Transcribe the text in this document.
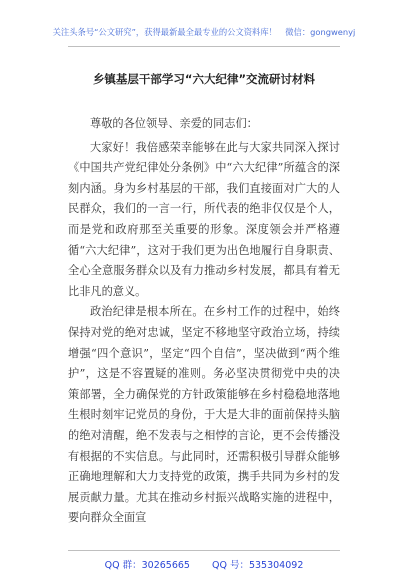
关注头条号“公文研究”，获得最新最全最专业的公文资料库！　微信：gongwenyj
乡镇基层干部学习“六大纪律”交流研讨材料

尊敬的各位领导、亲爱的同志们：

大家好！我倍感荣幸能够在此与大家共同深入探讨《中国共产党纪律处分条例》中“六大纪律”所蕴含的深刻内涵。身为乡村基层的干部，我们直接面对广大的人民群众，我们的一言一行，所代表的绝非仅仅是个人，而是党和政府那至关重要的形象。深度领会并严格遵循“六大纪律”，这对于我们更为出色地履行自身职责、全心全意服务群众以及有力推动乡村发展，都具有着无比非凡的意义。

政治纪律是根本所在。在乡村工作的过程中，始终保持对党的绝对忠诚，坚定不移地坚守政治立场，持续增强“四个意识”，坚定“四个自信”，坚决做到“两个维护”，这是不容置疑的准则。务必坚决贯彻党中央的决策部署，全力确保党的方针政策能够在乡村稳稳地落地生根时刻牢记党员的身份，于大是大非的面前保持头脑的绝对清醒，绝不发表与之相悖的言论，更不会传播没有根据的不实信息。与此同时，还需积极引导群众能够正确地理解和大力支持党的政策，携手共同为乡村的发展贡献力量。尤其在推动乡村振兴战略实施的进程中，要向群众全面宣

QQ 群：30265665 QQ 号：535304092
